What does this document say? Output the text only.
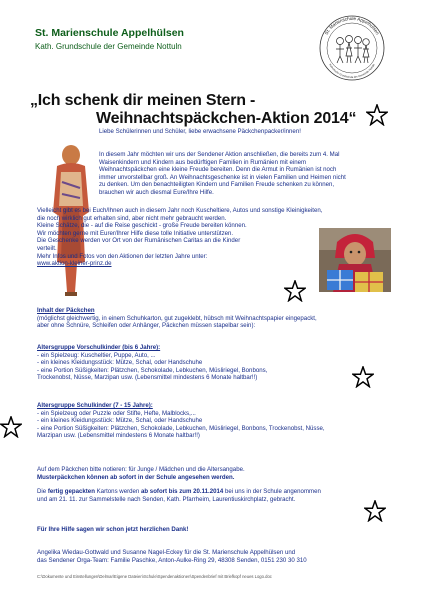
St. Marienschule Appelhülsen
Kath. Grundschule der Gemeinde Nottuln
St. Marienschule Appelhülsen
Katholische Grundschule der Gemeinde Nottuln
„Ich schenk dir meinen Stern -
Weihnachtspäckchen-Aktion 2014“
Liebe Schülerinnen und Schüler, liebe erwachsene Päckchenpacker/innen!

In diesem Jahr möchten wir uns der Sendener Aktion anschließen, die bereits zum 4. Mal

Waisenkindern und Kindern aus bedürftigen Familien in Rumänien mit einem

Weihnachtspäckchen eine kleine Freude bereiten. Denn die Armut in Rumänien ist noch

immer unvorstellbar groß. An Weihnachtsgeschenke ist in vielen Familien und Heimen nicht

zu denken. Um den benachteiligten Kindern und Familien Freude schenken zu können,

brauchen wir auch diesmal Eure/Ihre Hilfe.

Vielleicht gibt es bei Euch/Ihnen auch in diesem Jahr noch Kuscheltiere, Autos und sonstige Kleinigkeiten,

die noch wirklich gut erhalten sind, aber nicht mehr gebraucht werden.

Kleine Schätze, die - auf die Reise geschickt - große Freude bereiten können.

Wir möchten gerne mit Eurer/Ihrer Hilfe diese tolle Initiative unterstützen.

Die Geschenke werden vor Ort von der Rumänischen Caritas an die Kinder

verteilt.

Mehr Infos und Fotos von den Aktionen der letzten Jahre unter:

www.aktion-kleiner-prinz.de

Inhalt der Päckchen

(möglichst gleichwertig, in einem Schuhkarton, gut zugeklebt, hübsch mit Weihnachtspapier eingepackt,

aber ohne Schnüre, Schleifen oder Anhänger, Päckchen müssen stapelbar sein):

Altersgruppe Vorschulkinder (bis 6 Jahre):

- ein Spielzeug: Kuscheltier, Puppe, Auto, ...

- ein kleines Kleidungsstück: Mütze, Schal, oder Handschuhe

- eine Portion Süßigkeiten: Plätzchen, Schokolade, Lebkuchen, Müsliriegel, Bonbons,

Trockenobst, Nüsse, Marzipan usw. (Lebensmittel mindestens 6 Monate haltbar!!)

Altersgruppe Schulkinder (7 - 15 Jahre):

- ein Spielzeug oder Puzzle oder Stifte, Hefte, Malblocks,...

- ein kleines Kleidungsstück: Mütze, Schal, oder Handschuhe

- eine Portion Süßigkeiten: Plätzchen, Schokolade, Lebkuchen, Müsliriegel, Bonbons, Trockenobst, Nüsse,

Marzipan usw. (Lebensmittel mindestens 6 Monate haltbar!!)

Auf dem Päckchen bitte notieren: für Junge / Mädchen und die Altersangabe.

Musterpäckchen können ab sofort in der Schule angesehen werden.

Die fertig gepackten Kartons werden ab sofort bis zum 20.11.2014 bei uns in der Schule angenommen

und am 21. 11. zur Sammelstelle nach Senden, Kath. Pfarrheim, Laurentiuskirchplatz, gebracht.

Für Ihre Hilfe sagen wir schon jetzt herzlichen Dank!

Angelika Wiedau-Gottwald und Susanne Nagel-Eckey für die St. Marienschule Appelhülsen und

das Sendener Orga-Team: Familie Paschke, Anton-Aulke-Ring 29, 48308 Senden, 0151 230 30 310

C:\Dokumente und Einstellungen\Delmar\Eigene Dateien\Schule\Spendenaktionen\Spendenbrief mit Briefkopf neues Logo.doc
